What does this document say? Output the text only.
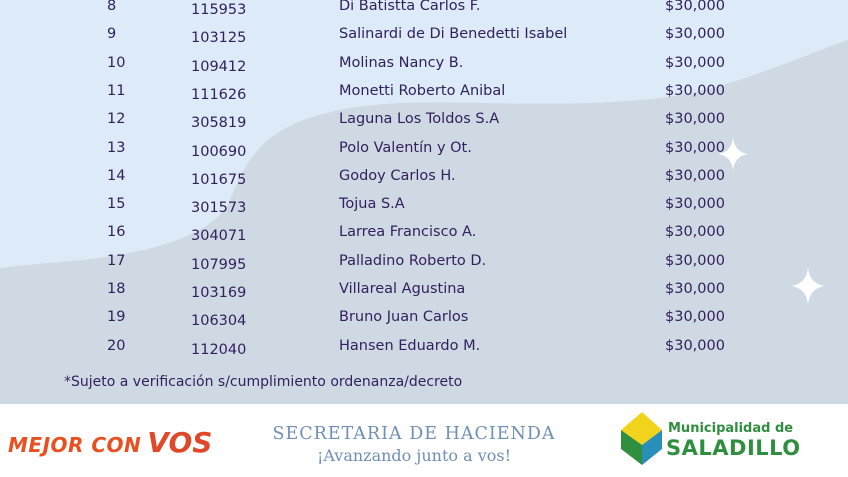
8	115953	Di Batistta Carlos F.	$30,000
9	103125	Salinardi de Di Benedetti Isabel	$30,000
10	109412	Molinas Nancy B.	$30,000
11	111626	Monetti Roberto Anibal	$30,000
12	305819	Laguna Los Toldos S.A	$30,000
13	100690	Polo Valentín y Ot.	$30,000
14	101675	Godoy Carlos H.	$30,000
15	301573	Tojua S.A	$30,000
16	304071	Larrea Francisco A.	$30,000
17	107995	Palladino Roberto D.	$30,000
18	103169	Villareal Agustina	$30,000
19	106304	Bruno Juan Carlos	$30,000
20	112040	Hansen Eduardo M.	$30,000
*Sujeto a verificación s/cumplimiento ordenanza/decreto
MEJOR CON VOS	SECRETARIA DE HACIENDA
¡Avanzando junto a vos!
Municipalidad de
SALADILLO
